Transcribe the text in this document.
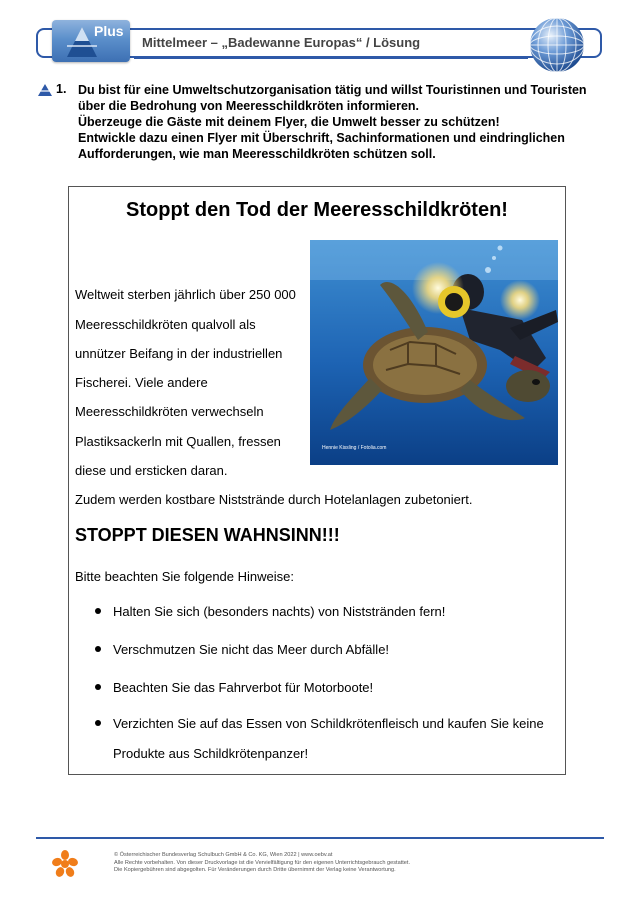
Plus
Mittelmeer – „Badewanne Europas“ / Lösung
1. Du bist für eine Umweltschutzorganisation tätig und willst Touristinnen und Touristen
über die Bedrohung von Meeresschildkröten informieren.
Überzeuge die Gäste mit deinem Flyer, die Umwelt besser zu schützen!
Entwickle dazu einen Flyer mit Überschrift, Sachinformationen und eindringlichen
Aufforderungen, wie man Meeresschildkröten schützen soll.
Stoppt den Tod der Meeresschildkröten!
Weltweit sterben jährlich über 250 000
Meeresschildkröten qualvoll als
unnützer Beifang in der industriellen
Fischerei. Viele andere
Meeresschildkröten verwechseln
Plastiksackerln mit Quallen, fressen
diese und ersticken daran.
Zudem werden kostbare Niststrände durch Hotelanlagen zubetoniert.
Hennie Kissling / Fotolia.com
STOPPT DIESEN WAHNSINN!!!
Bitte beachten Sie folgende Hinweise:
Halten Sie sich (besonders nachts) von Niststränden fern!
Verschmutzen Sie nicht das Meer durch Abfälle!
Beachten Sie das Fahrverbot für Motorboote!
Verzichten Sie auf das Essen von Schildkrötenfleisch und kaufen Sie keine
Produkte aus Schildkrötenpanzer!
© Österreichischer Bundesverlag Schulbuch GmbH & Co. KG, Wien 2022 | www.oebv.at
Alle Rechte vorbehalten. Von dieser Druckvorlage ist die Vervielfältigung für den eigenen Unterrichtsgebrauch gestattet.
Die Kopiergebühren sind abgegolten. Für Veränderungen durch Dritte übernimmt der Verlag keine Verantwortung.
